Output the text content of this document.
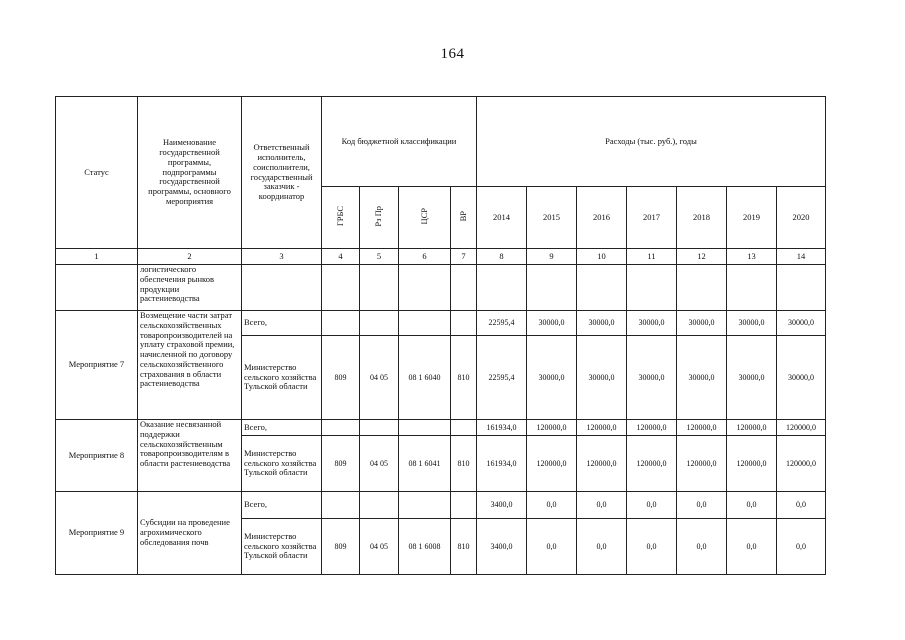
164
Статус	Наименование государственной программы, подпрограммы государственной программы, основного мероприятия	Ответственный исполнитель, соисполнители, государственный заказчик - координатор	Код бюджетной классификации				Расходы (тыс. руб.), годы						
			ГРБС	Рз Пр	ЦСР	ВР	2014	2015	2016	2017	2018	2019	2020
1	2	3	4	5	6	7	8	9	10	11	12	13	14
	логистического обеспечения рынков продукции растениеводства												
Мероприятие 7	Возмещение части затрат сельскохозяйственных товаропроизводителей на уплату страховой премии, начисленной по договору сельскохозяйственного страхования в области растениеводства	Всего,					22595,4	30000,0	30000,0	30000,0	30000,0	30000,0	30000,0
		Министерство сельского хозяйства Тульской области	809	04 05	08 1 6040	810	22595,4	30000,0	30000,0	30000,0	30000,0	30000,0	30000,0
Мероприятие 8	Оказание несвязанной поддержки сельскохозяйственным товаропроизводителям в области растениеводства	Всего,					161934,0	120000,0	120000,0	120000,0	120000,0	120000,0	120000,0
		Министерство сельского хозяйства Тульской области	809	04 05	08 1 6041	810	161934,0	120000,0	120000,0	120000,0	120000,0	120000,0	120000,0
Мероприятие 9	Субсидии на проведение агрохимического обследования почв	Всего,					3400,0	0,0	0,0	0,0	0,0	0,0	0,0
		Министерство сельского хозяйства Тульской области	809	04 05	08 1 6008	810	3400,0	0,0	0,0	0,0	0,0	0,0	0,0
